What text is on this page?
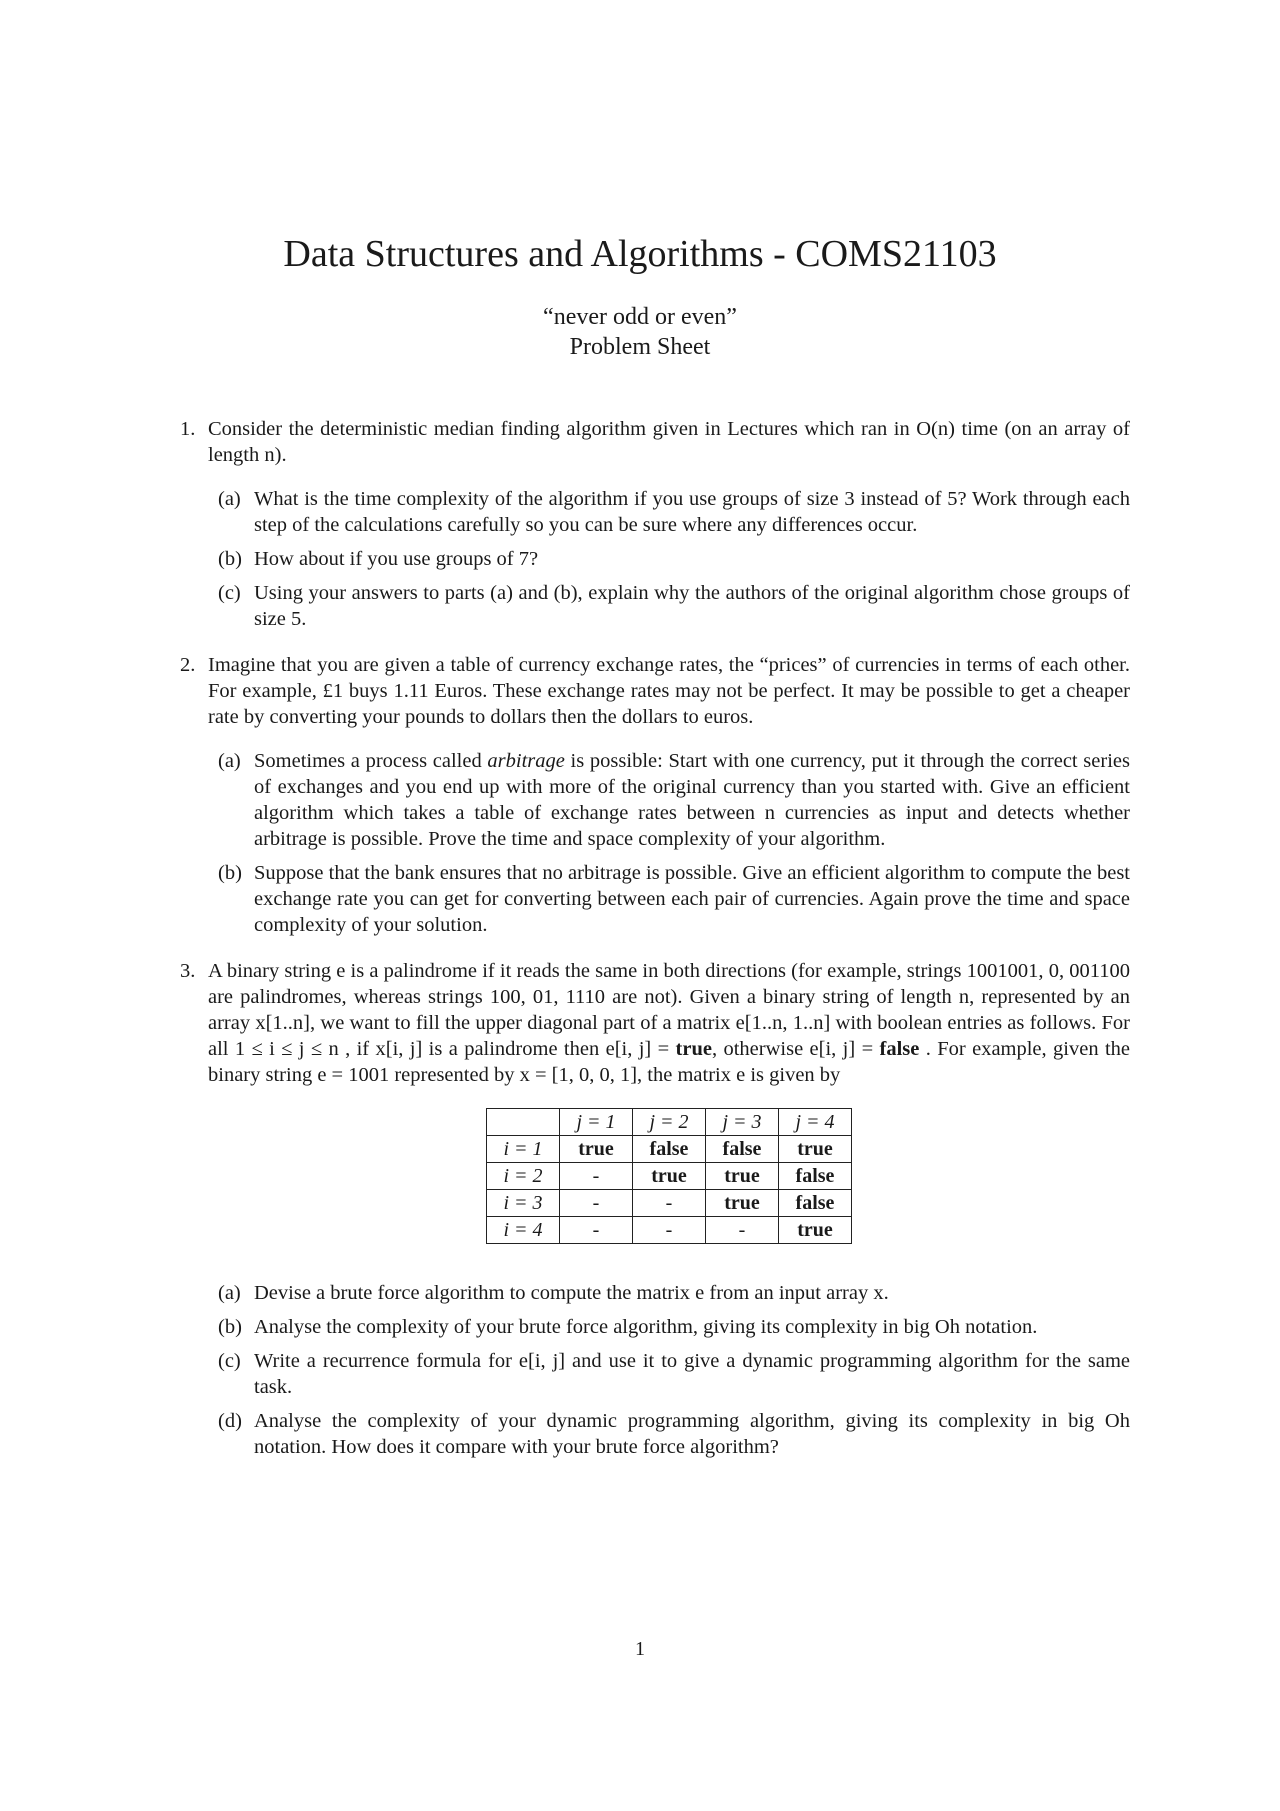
Data Structures and Algorithms - COMS21103
“never odd or even”
Problem Sheet
1. Consider the deterministic median finding algorithm given in Lectures which ran in O(n) time (on an array of length n).
(a) What is the time complexity of the algorithm if you use groups of size 3 instead of 5? Work through each step of the calculations carefully so you can be sure where any differences occur.
(b) How about if you use groups of 7?
(c) Using your answers to parts (a) and (b), explain why the authors of the original algorithm chose groups of size 5.
2. Imagine that you are given a table of currency exchange rates, the “prices” of currencies in terms of each other. For example, £1 buys 1.11 Euros. These exchange rates may not be perfect. It may be possible to get a cheaper rate by converting your pounds to dollars then the dollars to euros.
(a) Sometimes a process called arbitrage is possible: Start with one currency, put it through the correct series of exchanges and you end up with more of the original currency than you started with. Give an efficient algorithm which takes a table of exchange rates between n currencies as input and detects whether arbitrage is possible. Prove the time and space complexity of your algorithm.
(b) Suppose that the bank ensures that no arbitrage is possible. Give an efficient algorithm to compute the best exchange rate you can get for converting between each pair of currencies. Again prove the time and space complexity of your solution.
3. A binary string e is a palindrome if it reads the same in both directions (for example, strings 1001001, 0, 001100 are palindromes, whereas strings 100, 01, 1110 are not). Given a binary string of length n, represented by an array x[1..n], we want to fill the upper diagonal part of a matrix e[1..n, 1..n] with boolean entries as follows. For all 1 ≤ i ≤ j ≤ n , if x[i, j] is a palindrome then e[i, j] = true, otherwise e[i, j] = false . For example, given the binary string e = 1001 represented by x = [1, 0, 0, 1], the matrix e is given by
	j = 1	j = 2	j = 3	j = 4
i = 1	true	false	false	true
i = 2	-	true	true	false
i = 3	-	-	true	false
i = 4	-	-	-	true
(a) Devise a brute force algorithm to compute the matrix e from an input array x.
(b) Analyse the complexity of your brute force algorithm, giving its complexity in big Oh notation.
(c) Write a recurrence formula for e[i, j] and use it to give a dynamic programming algorithm for the same task.
(d) Analyse the complexity of your dynamic programming algorithm, giving its complexity in big Oh notation. How does it compare with your brute force algorithm?
1
